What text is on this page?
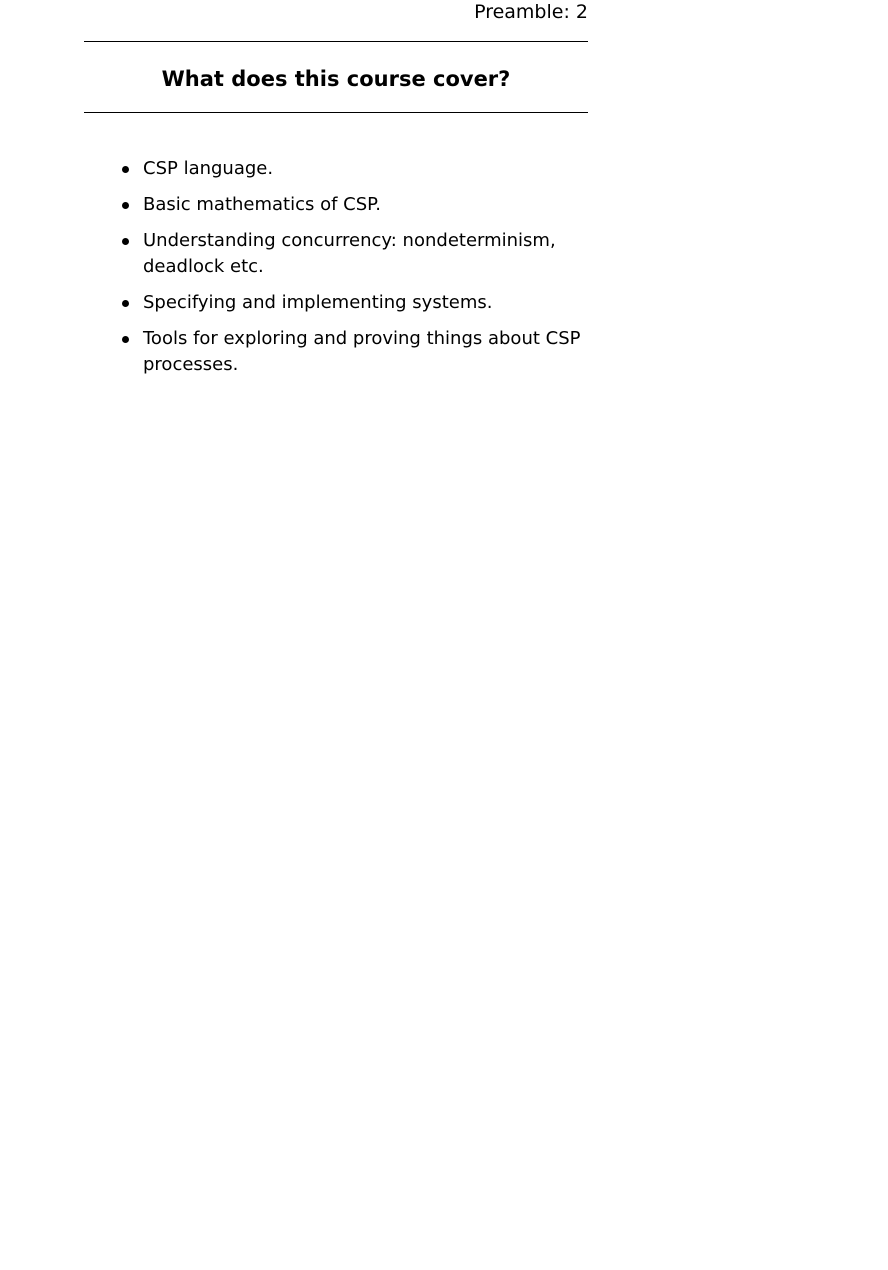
Preamble: 2
What does this course cover?
CSP language.
Basic mathematics of CSP.
Understanding concurrency: nondeterminism, deadlock etc.
Specifying and implementing systems.
Tools for exploring and proving things about CSP processes.
